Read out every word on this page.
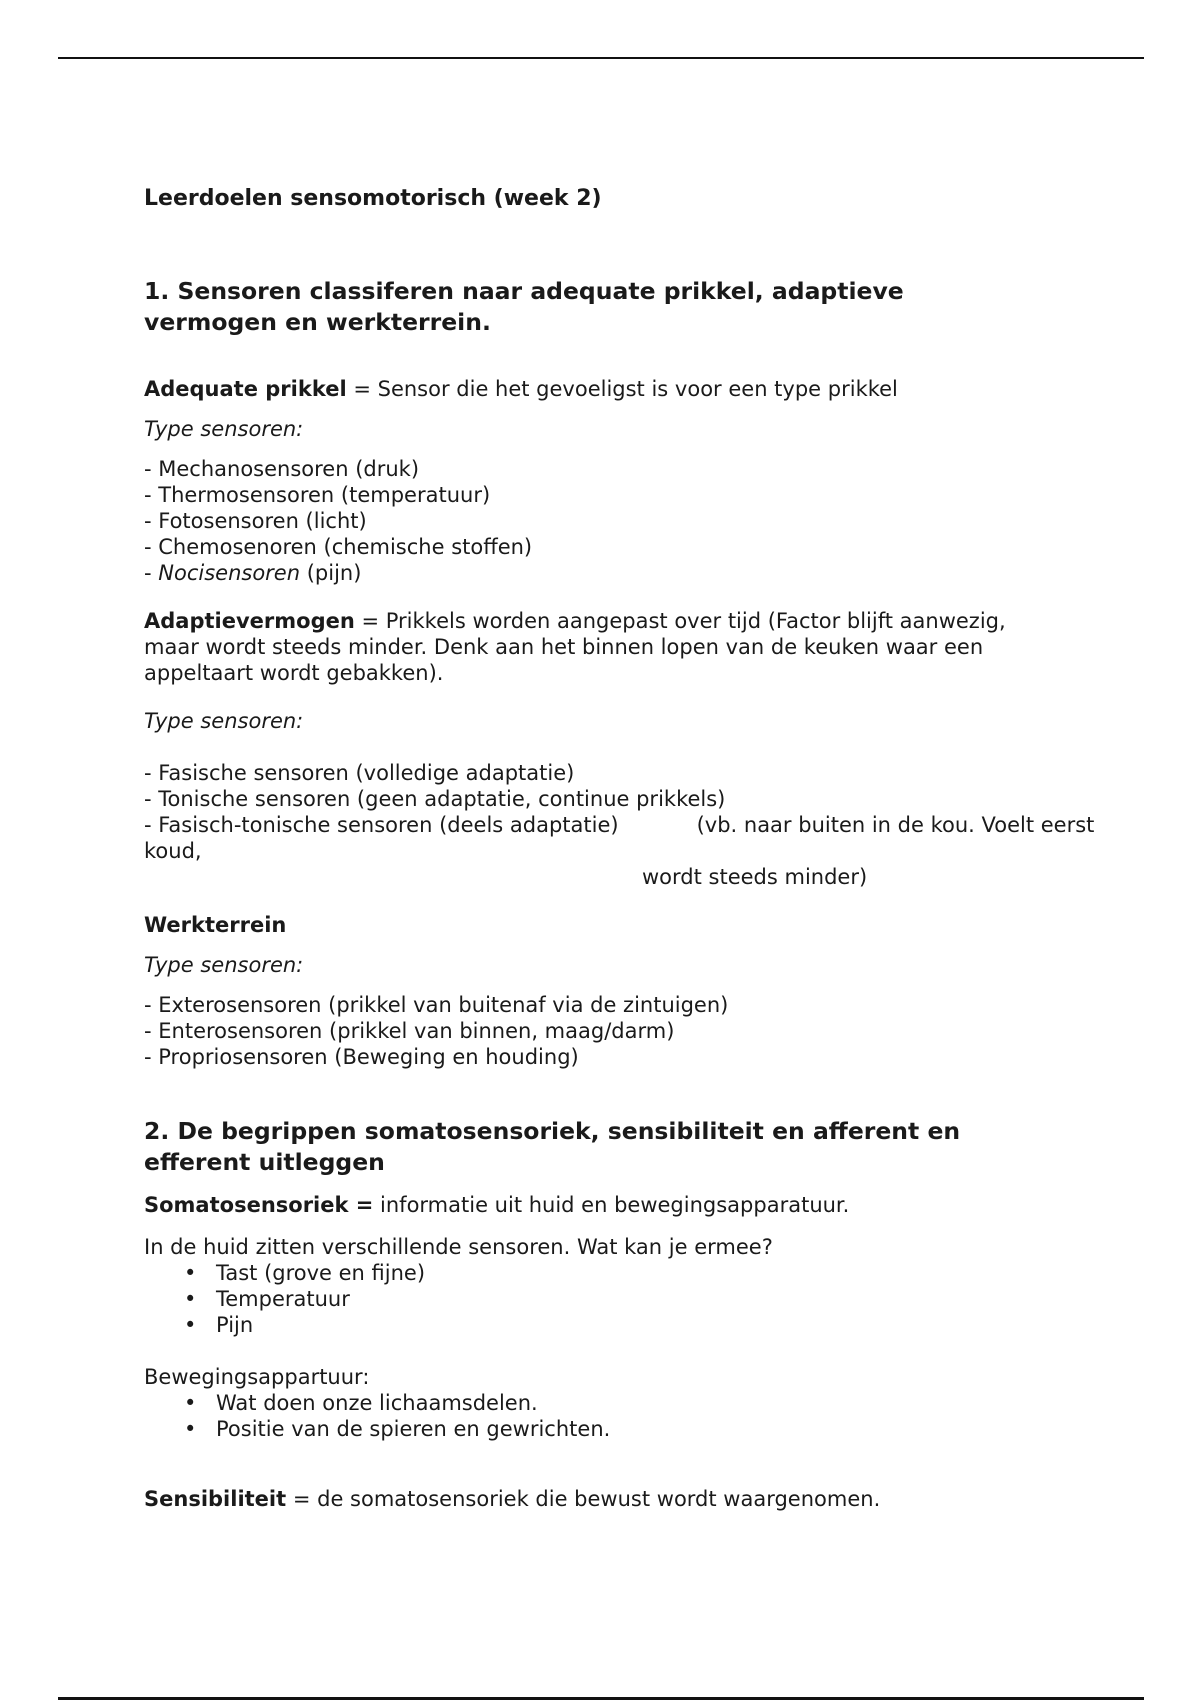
Leerdoelen sensomotorisch (week 2)
1. Sensoren classiferen naar adequate prikkel, adaptieve vermogen en werkterrein.

Adequate prikkel = Sensor die het gevoeligst is voor een type prikkel

Type sensoren:

- Mechanosensoren (druk)
- Thermosensoren (temperatuur)
- Fotosensoren (licht)
- Chemosenoren (chemische stoffen)
- Nocisensoren (pijn)

Adaptievermogen = Prikkels worden aangepast over tijd (Factor blijft aanwezig, maar wordt steeds minder. Denk aan het binnen lopen van de keuken waar een appeltaart wordt gebakken).

Type sensoren:

- Fasische sensoren (volledige adaptatie)
- Tonische sensoren (geen adaptatie, continue prikkels)
- Fasisch-tonische sensoren (deels adaptatie)	(vb. naar buiten in de kou. Voelt eerst koud,
wordt steeds minder)

Werkterrein

Type sensoren:

- Exterosensoren (prikkel van buitenaf via de zintuigen)
- Enterosensoren (prikkel van binnen, maag/darm)
- Propriosensoren (Beweging en houding)
2. De begrippen somatosensoriek, sensibiliteit en afferent en efferent uitleggen

Somatosensoriek = informatie uit huid en bewegingsapparatuur.

In de huid zitten verschillende sensoren. Wat kan je ermee?

• Tast (grove en fijne)
• Temperatuur
• Pijn

Bewegingsappartuur:

• Wat doen onze lichaamsdelen.
• Positie van de spieren en gewrichten.

Sensibiliteit = de somatosensoriek die bewust wordt waargenomen.
